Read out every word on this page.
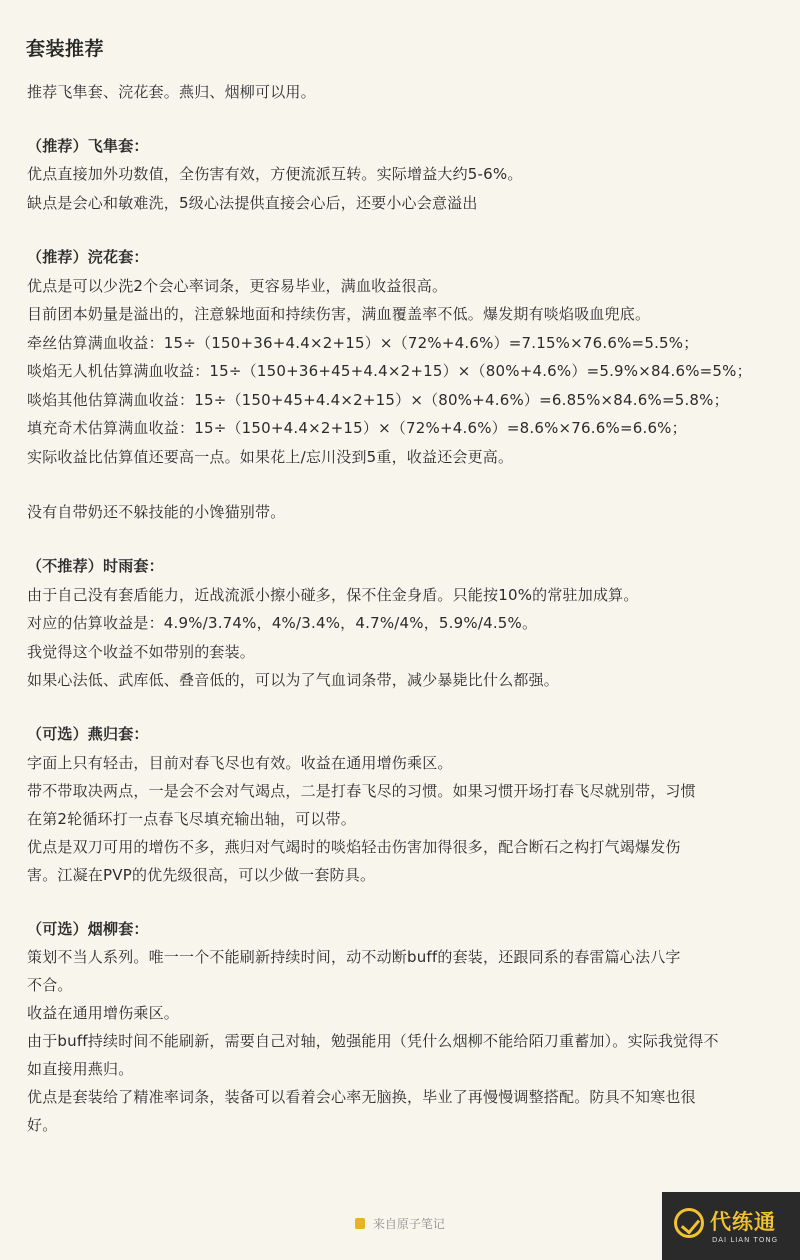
套装推荐
推荐飞隼套、浣花套。燕归、烟柳可以用。
（推荐）飞隼套：
优点直接加外功数值，全伤害有效，方便流派互转。实际增益大约5-6%。
缺点是会心和敏难洗，5级心法提供直接会心后，还要小心会意溢出
（推荐）浣花套：
优点是可以少洗2个会心率词条，更容易毕业，满血收益很高。
目前团本奶量是溢出的，注意躲地面和持续伤害，满血覆盖率不低。爆发期有啖焰吸血兜底。
牵丝估算满血收益：15÷（150+36+4.4×2+15）×（72%+4.6%）=7.15%×76.6%=5.5%；
啖焰无人机估算满血收益：15÷（150+36+45+4.4×2+15）×（80%+4.6%）=5.9%×84.6%=5%；
啖焰其他估算满血收益：15÷（150+45+4.4×2+15）×（80%+4.6%）=6.85%×84.6%=5.8%；
填充奇术估算满血收益：15÷（150+4.4×2+15）×（72%+4.6%）=8.6%×76.6%=6.6%；
实际收益比估算值还要高一点。如果花上/忘川没到5重，收益还会更高。
没有自带奶还不躲技能的小馋猫别带。
（不推荐）时雨套：
由于自己没有套盾能力，近战流派小擦小碰多，保不住金身盾。只能按10%的常驻加成算。
对应的估算收益是：4.9%/3.74%，4%/3.4%，4.7%/4%，5.9%/4.5%。
我觉得这个收益不如带别的套装。
如果心法低、武库低、叠音低的，可以为了气血词条带，减少暴毙比什么都强。
（可选）燕归套：
字面上只有轻击，目前对春飞尽也有效。收益在通用增伤乘区。
带不带取决两点，一是会不会对气竭点，二是打春飞尽的习惯。如果习惯开场打春飞尽就别带，习惯
在第2轮循环打一点春飞尽填充输出轴，可以带。
优点是双刀可用的增伤不多，燕归对气竭时的啖焰轻击伤害加得很多，配合断石之构打气竭爆发伤
害。江凝在PVP的优先级很高，可以少做一套防具。
（可选）烟柳套：
策划不当人系列。唯一一个不能刷新持续时间，动不动断buff的套装，还跟同系的春雷篇心法八字
不合。
收益在通用增伤乘区。
由于buff持续时间不能刷新，需要自己对轴，勉强能用（凭什么烟柳不能给陌刀重蓄加）。实际我觉得不
如直接用燕归。
优点是套装给了精准率词条，装备可以看着会心率无脑换，毕业了再慢慢调整搭配。防具不知寒也很
好。
来自原子笔记	代练通
DAI LIAN TONG
